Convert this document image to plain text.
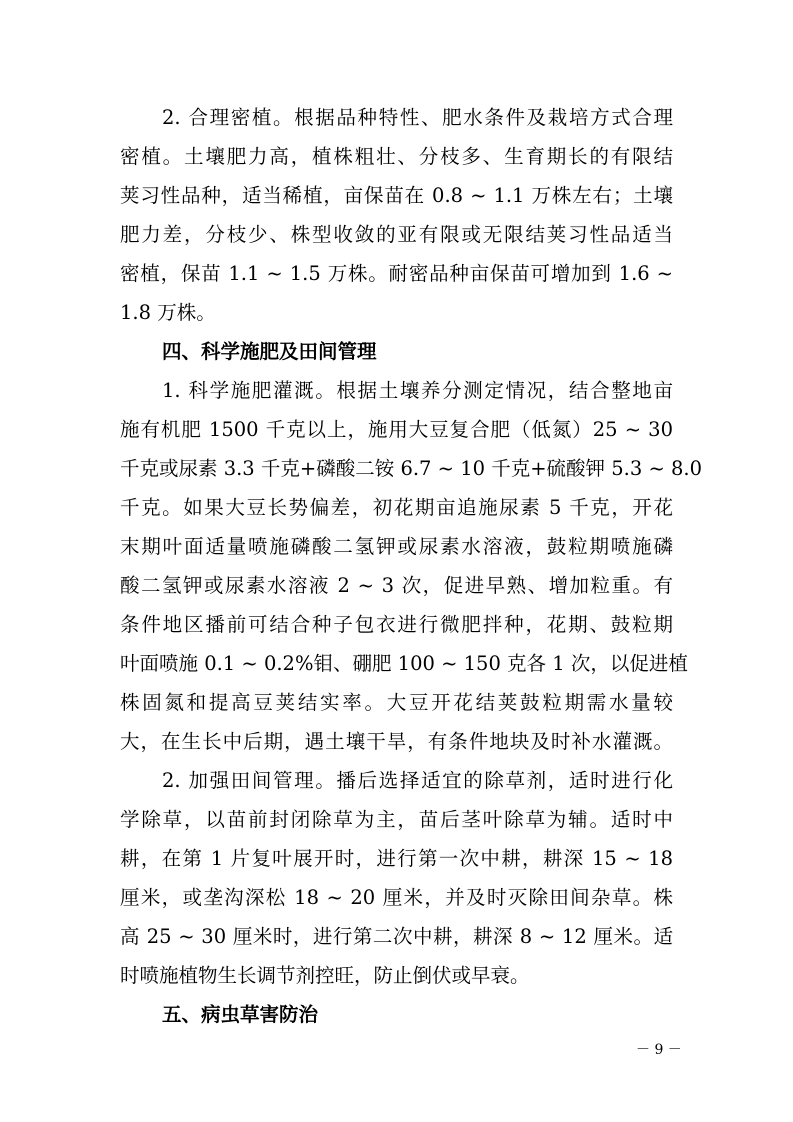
2. 合理密植。根据品种特性、肥水条件及栽培方式合理
密植。土壤肥力高，植株粗壮、分枝多、生育期长的有限结
荚习性品种，适当稀植，亩保苗在 0.8 ~ 1.1 万株左右；土壤
肥力差，分枝少、株型收敛的亚有限或无限结荚习性品适当
密植，保苗 1.1 ~ 1.5 万株。耐密品种亩保苗可增加到 1.6 ~
1.8 万株。
四、科学施肥及田间管理
1. 科学施肥灌溉。根据土壤养分测定情况，结合整地亩
施有机肥 1500 千克以上，施用大豆复合肥（低氮）25 ~ 30
千克或尿素 3.3 千克+磷酸二铵 6.7 ~ 10 千克+硫酸钾 5.3 ~ 8.0
千克。如果大豆长势偏差，初花期亩追施尿素 5 千克，开花
末期叶面适量喷施磷酸二氢钾或尿素水溶液，鼓粒期喷施磷
酸二氢钾或尿素水溶液 2 ~ 3 次，促进早熟、增加粒重。有
条件地区播前可结合种子包衣进行微肥拌种，花期、鼓粒期
叶面喷施 0.1 ~ 0.2%钼、硼肥 100 ~ 150 克各 1 次，以促进植
株固氮和提高豆荚结实率。大豆开花结荚鼓粒期需水量较
大，在生长中后期，遇土壤干旱，有条件地块及时补水灌溉。
2. 加强田间管理。播后选择适宜的除草剂，适时进行化
学除草，以苗前封闭除草为主，苗后茎叶除草为辅。适时中
耕，在第 1 片复叶展开时，进行第一次中耕，耕深 15 ~ 18
厘米，或垄沟深松 18 ~ 20 厘米，并及时灭除田间杂草。株
高 25 ~ 30 厘米时，进行第二次中耕，耕深 8 ~ 12 厘米。适
时喷施植物生长调节剂控旺，防止倒伏或早衰。
五、病虫草害防治
－ 9 －
